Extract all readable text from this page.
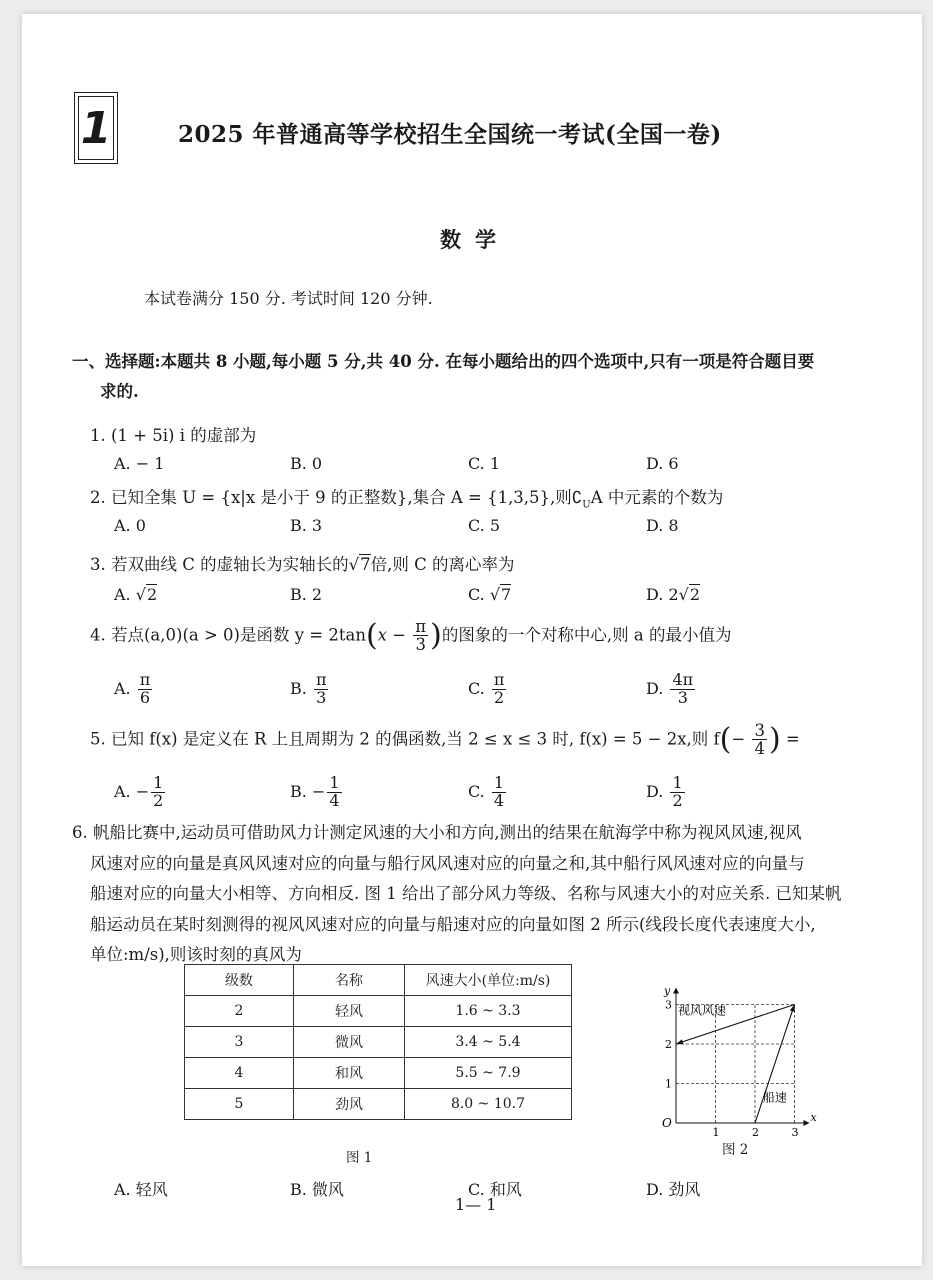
1	2025 年普通高等学校招生全国统一考试(全国一卷)
数学
本试卷满分 150 分. 考试时间 120 分钟.
一、选择题:本题共 8 小题,每小题 5 分,共 40 分. 在每小题给出的四个选项中,只有一项是符合题目要
求的.
1. (1 + 5i) i 的虚部为
A. − 1	B. 0	C. 1	D. 6
2. 已知全集 U = {x|x 是小于 9 的正整数},集合 A = {1,3,5},则$∁_UA$ 中元素的个数为
A. 0	B. 3	C. 5	D. 8
3. 若双曲线 C 的虚轴长为实轴长的√7倍,则 C 的离心率为
A. √2	B. 2	C. √7	D. 2√2
4. 若点(a,0)(a > 0)是函数 $y = 2\tan(x - \frac{\pi}{3}$ )的图象的一个对称中心,则 a 的最小值为
A. $\frac{\pi}{6}$	B. $\frac{\pi}{3}$	C. $\frac{\pi}{2}$	D. $\frac{4\pi}{3}$
5. 已知 f(x) 是定义在 R 上且周期为 2 的偶函数,当 2 ≤ x ≤ 3 时, f(x) = 5 − 2x,则 $f(- \frac{3}{4}$ ) =
A. − $\frac{1}{2}$	B. − $\frac{1}{4}$	C. $\frac{1}{4}$	D. $\frac{1}{2}$
6. 帆船比赛中,运动员可借助风力计测定风速的大小和方向,测出的结果在航海学中称为视风风速,视风
风速对应的向量是真风风速对应的向量与船行风风速对应的向量之和,其中船行风风速对应的向量与
船速对应的向量大小相等、方向相反. 图 1 给出了部分风力等级、名称与风速大小的对应关系. 已知某帆
船运动员在某时刻测得的视风风速对应的向量与船速对应的向量如图 2 所示(线段长度代表速度大小,
单位:m/s),则该时刻的真风为
级数	名称	风速大小(单位:m/s)
2	轻风	1.6 ~ 3.3
3	微风	3.4 ~ 5.4
4	和风	5.5 ~ 7.9
5	劲风	8.0 ~ 10.7
图 1
x
y
O
1	2	3
1
2
3 视风风速
船速
图 2
A. 轻风	B. 微风	C. 和风	D. 劲风
1— 1
